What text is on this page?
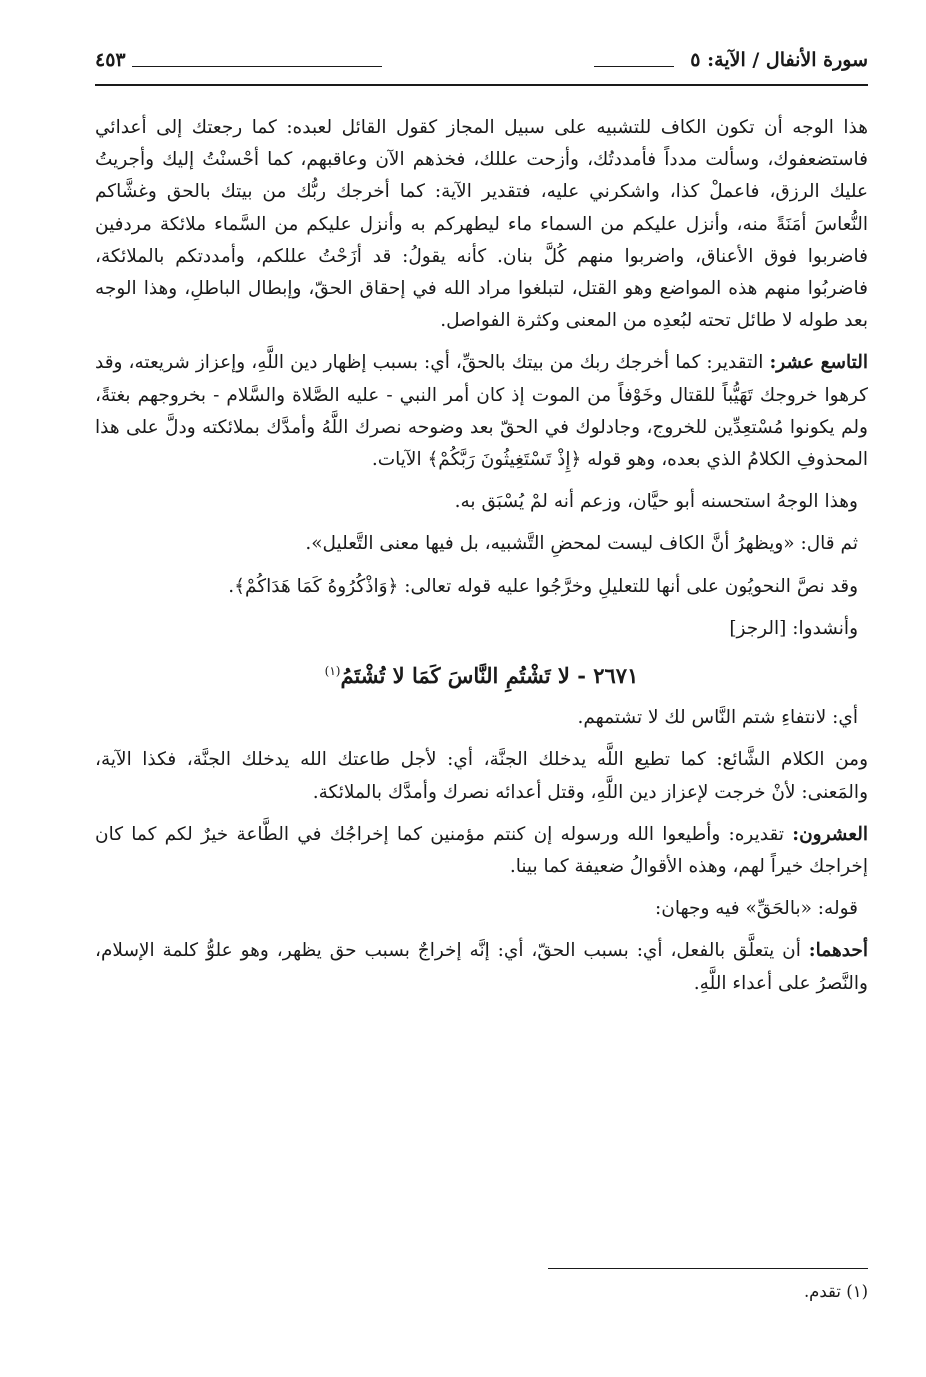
سورة الأنفال / الآية: ٥
٤٥٣

هذا الوجه أن تكون الكاف للتشبيه على سبيل المجاز كقول القائل لعبده: كما رجعتك إلى أعدائي فاستضعفوك، وسألت مدداً فأمددتُك، وأزحت عللك، فخذهم الآن وعاقبهم، كما أحْسنْتُ إليك وأجريتُ عليك الرزق، فاعملْ كذا، واشكرني عليه، فتقدير الآية: كما أخرجك ربُّك من بيتك بالحق وغشَّاكم النُّعاسَ أمَنَةً منه، وأنزل عليكم من السماء ماء ليطهركم به وأنزل عليكم من السَّماء ملائكة مردفين فاضربوا فوق الأعناق، واضربوا منهم كُلَّ بنان. كأنه يقولُ: قد أزَحْتُ عللكم، وأمددتكم بالملائكة، فاضربُوا منهم هذه المواضع وهو القتل، لتبلغوا مراد الله في إحقاق الحقّ، وإبطال الباطلِ، وهذا الوجه بعد طوله لا طائل تحته لبُعدِه من المعنى وكثرة الفواصل.

التاسع عشر: التقدير: كما أخرجك ربك من بيتك بالحقِّ، أي: بسبب إظهار دين اللَّهِ، وإعزاز شريعته، وقد كرهوا خروجك تَهَيُّباً للقتال وخَوْفاً من الموت إذ كان أمر النبي - عليه الصَّلاة والسَّلام - بخروجهم بغتةً، ولم يكونوا مُسْتعِدِّين للخروج، وجادلوك في الحقّ بعد وضوحه نصرك اللَّهُ وأمدَّك بملائكته ودلَّ على هذا المحذوفِ الكلامُ الذي بعده، وهو قوله ﴿إِذْ تَسْتَغِيثُونَ رَبَّكُمْ﴾ الآيات.

وهذا الوجهُ استحسنه أبو حيَّان، وزعم أنه لمْ يُسْبَق به.

ثم قال: «ويظهرُ أنَّ الكاف ليست لمحضِ التَّشبيه، بل فيها معنى التَّعليل».

وقد نصَّ النحويُون على أنها للتعليلِ وخرَّجُوا عليه قوله تعالى: ﴿وَاذْكُرُوهُ كَمَا هَدَاكُمْ﴾.

وأنشدوا: [الرجز]

٢٦٧١ - لا تَشْتُمِ النَّاسَ كَمَا لا تُشْتَمُ$^{(١)}$

أي: لانتفاءِ شتم النَّاس لك لا تشتمهم.

ومن الكلام الشَّائع: كما تطيع اللَّه يدخلك الجنَّة، أي: لأجل طاعتك الله يدخلك الجنَّة، فكذا الآية، والمَعنى: لأنْ خرجت لإعزاز دين اللَّهِ، وقتل أعدائه نصرك وأمدَّك بالملائكة.

العشرون: تقديره: وأطيعوا الله ورسوله إن كنتم مؤمنين كما إخراجُك في الطَّاعة خيرٌ لكم كما كان إخراجك خيراً لهم، وهذه الأقوالُ ضعيفة كما بينا.

قوله: «بالحَقِّ» فيه وجهان:

أحدهما: أن يتعلَّق بالفعل، أي: بسبب الحقّ، أي: إنَّه إخراجٌ بسبب حق يظهر، وهو علوُّ كلمة الإسلام، والنَّصرُ على أعداء اللَّهِ.

(١) تقدم.
